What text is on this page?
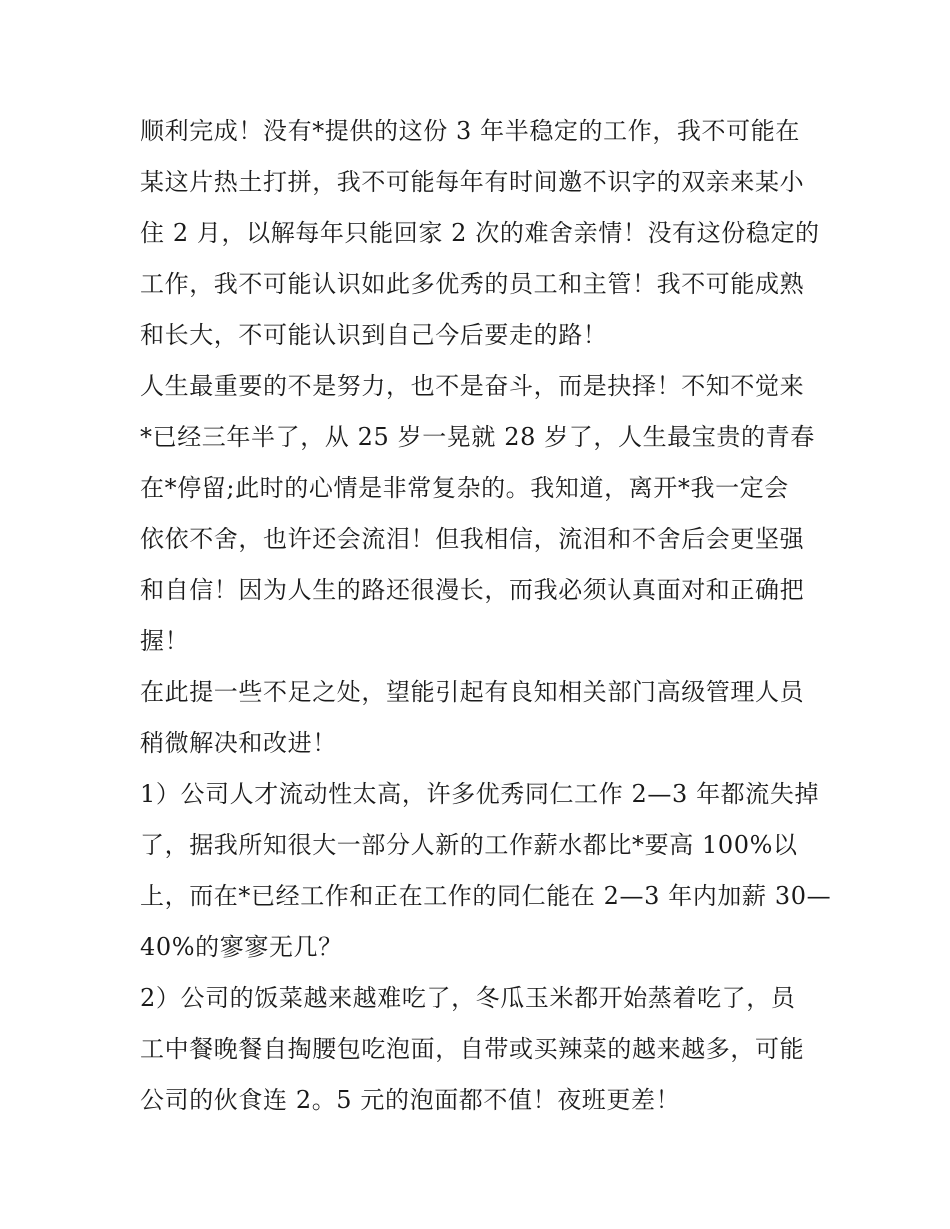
顺利完成！没有*提供的这份 3 年半稳定的工作，我不可能在
某这片热土打拼，我不可能每年有时间邀不识字的双亲来某小
住 2 月，以解每年只能回家 2 次的难舍亲情！没有这份稳定的
工作，我不可能认识如此多优秀的员工和主管！我不可能成熟
和长大，不可能认识到自己今后要走的路！
人生最重要的不是努力，也不是奋斗，而是抉择！不知不觉来
*已经三年半了，从 25 岁一晃就 28 岁了，人生最宝贵的青春
在*停留;此时的心情是非常复杂的。我知道，离开*我一定会
依依不舍，也许还会流泪！但我相信，流泪和不舍后会更坚强
和自信！因为人生的路还很漫长，而我必须认真面对和正确把
握！
在此提一些不足之处，望能引起有良知相关部门高级管理人员
稍微解决和改进！
1）公司人才流动性太高，许多优秀同仁工作 2—3 年都流失掉
了，据我所知很大一部分人新的工作薪水都比*要高 100%以
上，而在*已经工作和正在工作的同仁能在 2—3 年内加薪 30—
40%的寥寥无几？
2）公司的饭菜越来越难吃了，冬瓜玉米都开始蒸着吃了，员
工中餐晚餐自掏腰包吃泡面，自带或买辣菜的越来越多，可能
公司的伙食连 2。5 元的泡面都不值！夜班更差！
